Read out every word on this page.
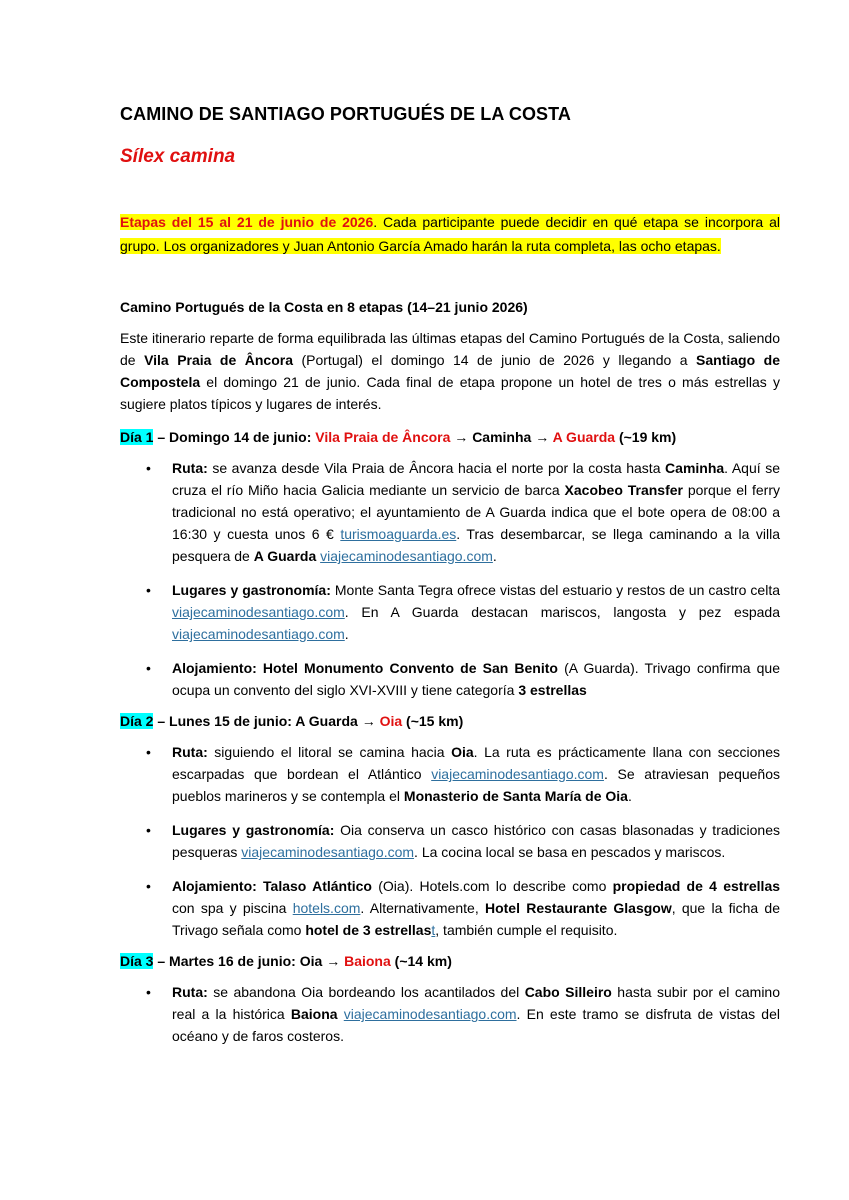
CAMINO DE SANTIAGO PORTUGUÉS DE LA COSTA
Sílex camina
Etapas del 15 al 21 de junio de 2026. Cada participante puede decidir en qué etapa se incorpora al grupo. Los organizadores y Juan Antonio García Amado harán la ruta completa, las ocho etapas.

Camino Portugués de la Costa en 8 etapas (14–21 junio 2026)

Este itinerario reparte de forma equilibrada las últimas etapas del Camino Portugués de la Costa, saliendo de Vila Praia de Âncora (Portugal) el domingo 14 de junio de 2026 y llegando a Santiago de Compostela el domingo 21 de junio. Cada final de etapa propone un hotel de tres o más estrellas y sugiere platos típicos y lugares de interés.

Día 1 – Domingo 14 de junio: Vila Praia de Âncora → Caminha → A Guarda (~19 km)

• Ruta: se avanza desde Vila Praia de Âncora hacia el norte por la costa hasta Caminha. Aquí se cruza el río Miño hacia Galicia mediante un servicio de barca Xacobeo Transfer porque el ferry tradicional no está operativo; el ayuntamiento de A Guarda indica que el bote opera de 08:00 a 16:30 y cuesta unos 6 € turismoaguarda.es. Tras desembarcar, se llega caminando a la villa pesquera de A Guarda viajecaminodesantiago.com.
• Lugares y gastronomía: Monte Santa Tegra ofrece vistas del estuario y restos de un castro celta viajecaminodesantiago.com. En A Guarda destacan mariscos, langosta y pez espada viajecaminodesantiago.com.
• Alojamiento: Hotel Monumento Convento de San Benito (A Guarda). Trivago confirma que ocupa un convento del siglo XVI‑XVIII y tiene categoría 3 estrellas

Día 2 – Lunes 15 de junio: A Guarda → Oia (~15 km)

• Ruta: siguiendo el litoral se camina hacia Oia. La ruta es prácticamente llana con secciones escarpadas que bordean el Atlántico viajecaminodesantiago.com. Se atraviesan pequeños pueblos marineros y se contempla el Monasterio de Santa María de Oia.
• Lugares y gastronomía: Oia conserva un casco histórico con casas blasonadas y tradiciones pesqueras viajecaminodesantiago.com. La cocina local se basa en pescados y mariscos.
• Alojamiento: Talaso Atlántico (Oia). Hotels.com lo describe como propiedad de 4 estrellas con spa y piscina hotels.com. Alternativamente, Hotel Restaurante Glasgow, que la ficha de Trivago señala como hotel de 3 estrellast, también cumple el requisito.

Día 3 – Martes 16 de junio: Oia → Baiona (~14 km)

• Ruta: se abandona Oia bordeando los acantilados del Cabo Silleiro hasta subir por el camino real a la histórica Baiona viajecaminodesantiago.com. En este tramo se disfruta de vistas del océano y de faros costeros.
